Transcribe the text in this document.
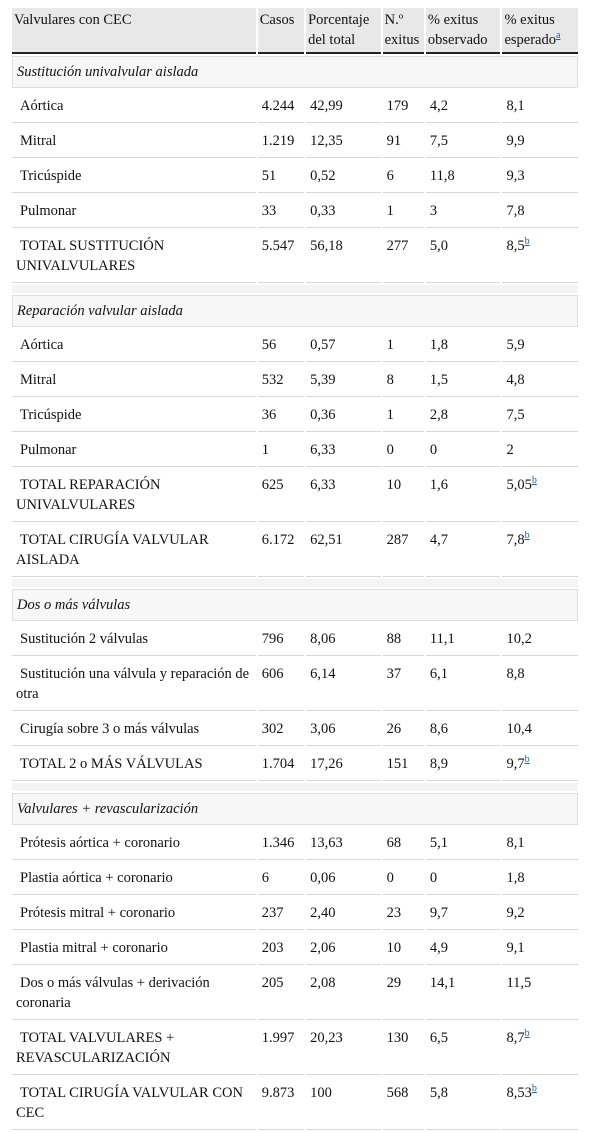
Valvulares con CEC	Casos	Porcentaje del total	N.º exitus	% exitus observado	% exitus esperado$^a$
Sustitución univalvular aislada					
Aórtica	4.244	42,99	179	4,2	8,1
Mitral	1.219	12,35	91	7,5	9,9
Tricúspide	51	0,52	6	11,8	9,3
Pulmonar	33	0,33	1	3	7,8
TOTAL SUSTITUCIÓN UNIVALVULARES	5.547	56,18	277	5,0	8,5$^b$

Reparación valvular aislada					
Aórtica	56	0,57	1	1,8	5,9
Mitral	532	5,39	8	1,5	4,8
Tricúspide	36	0,36	1	2,8	7,5
Pulmonar	1	6,33	0	0	2
TOTAL REPARACIÓN UNIVALVULARES	625	6,33	10	1,6	5,05$^b$
TOTAL CIRUGÍA VALVULAR AISLADA	6.172	62,51	287	4,7	7,8$^b$

Dos o más válvulas					
Sustitución 2 válvulas	796	8,06	88	11,1	10,2
Sustitución una válvula y reparación de otra	606	6,14	37	6,1	8,8
Cirugía sobre 3 o más válvulas	302	3,06	26	8,6	10,4
TOTAL 2 o MÁS VÁLVULAS	1.704	17,26	151	8,9	9,7$^b$

Valvulares + revascularización					
Prótesis aórtica + coronario	1.346	13,63	68	5,1	8,1
Plastia aórtica + coronario	6	0,06	0	0	1,8
Prótesis mitral + coronario	237	2,40	23	9,7	9,2
Plastia mitral + coronario	203	2,06	10	4,9	9,1
Dos o más válvulas + derivación coronaria	205	2,08	29	14,1	11,5
TOTAL VALVULARES + REVASCULARIZACIÓN	1.997	20,23	130	6,5	8,7$^b$
TOTAL CIRUGÍA VALVULAR CON CEC	9.873	100	568	5,8	8,53$^b$
